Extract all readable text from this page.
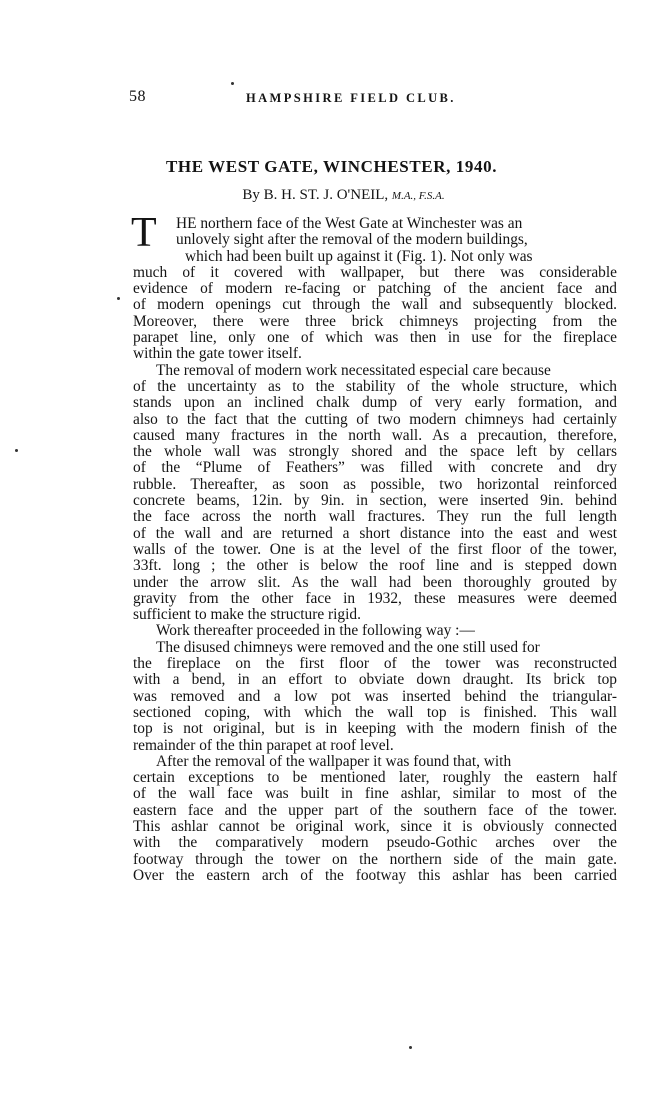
58	HAMPSHIRE FIELD CLUB.
THE WEST GATE, WINCHESTER, 1940.
By B. H. ST. J. O'NEIL, M.A., F.S.A.
T	HE northern face of the West Gate at Winchester was an
unlovely sight after the removal of the modern buildings,
which had been built up against it (Fig. 1). Not only was
much of it covered with wallpaper, but there was considerable
evidence of modern re-facing or patching of the ancient face and
of modern openings cut through the wall and subsequently blocked.
Moreover, there were three brick chimneys projecting from the
parapet line, only one of which was then in use for the fireplace
within the gate tower itself.
The removal of modern work necessitated especial care because
of the uncertainty as to the stability of the whole structure, which
stands upon an inclined chalk dump of very early formation, and
also to the fact that the cutting of two modern chimneys had certainly
caused many fractures in the north wall. As a precaution, therefore,
the whole wall was strongly shored and the space left by cellars
of the “Plume of Feathers” was filled with concrete and dry
rubble. Thereafter, as soon as possible, two horizontal reinforced
concrete beams, 12in. by 9in. in section, were inserted 9in. behind
the face across the north wall fractures. They run the full length
of the wall and are returned a short distance into the east and west
walls of the tower. One is at the level of the first floor of the tower,
33ft. long ; the other is below the roof line and is stepped down
under the arrow slit. As the wall had been thoroughly grouted by
gravity from the other face in 1932, these measures were deemed
sufficient to make the structure rigid.
Work thereafter proceeded in the following way :—
The disused chimneys were removed and the one still used for
the fireplace on the first floor of the tower was reconstructed
with a bend, in an effort to obviate down draught. Its brick top
was removed and a low pot was inserted behind the triangular-
sectioned coping, with which the wall top is finished. This wall
top is not original, but is in keeping with the modern finish of the
remainder of the thin parapet at roof level.
After the removal of the wallpaper it was found that, with
certain exceptions to be mentioned later, roughly the eastern half
of the wall face was built in fine ashlar, similar to most of the
eastern face and the upper part of the southern face of the tower.
This ashlar cannot be original work, since it is obviously connected
with the comparatively modern pseudo-Gothic arches over the
footway through the tower on the northern side of the main gate.
Over the eastern arch of the footway this ashlar has been carried
